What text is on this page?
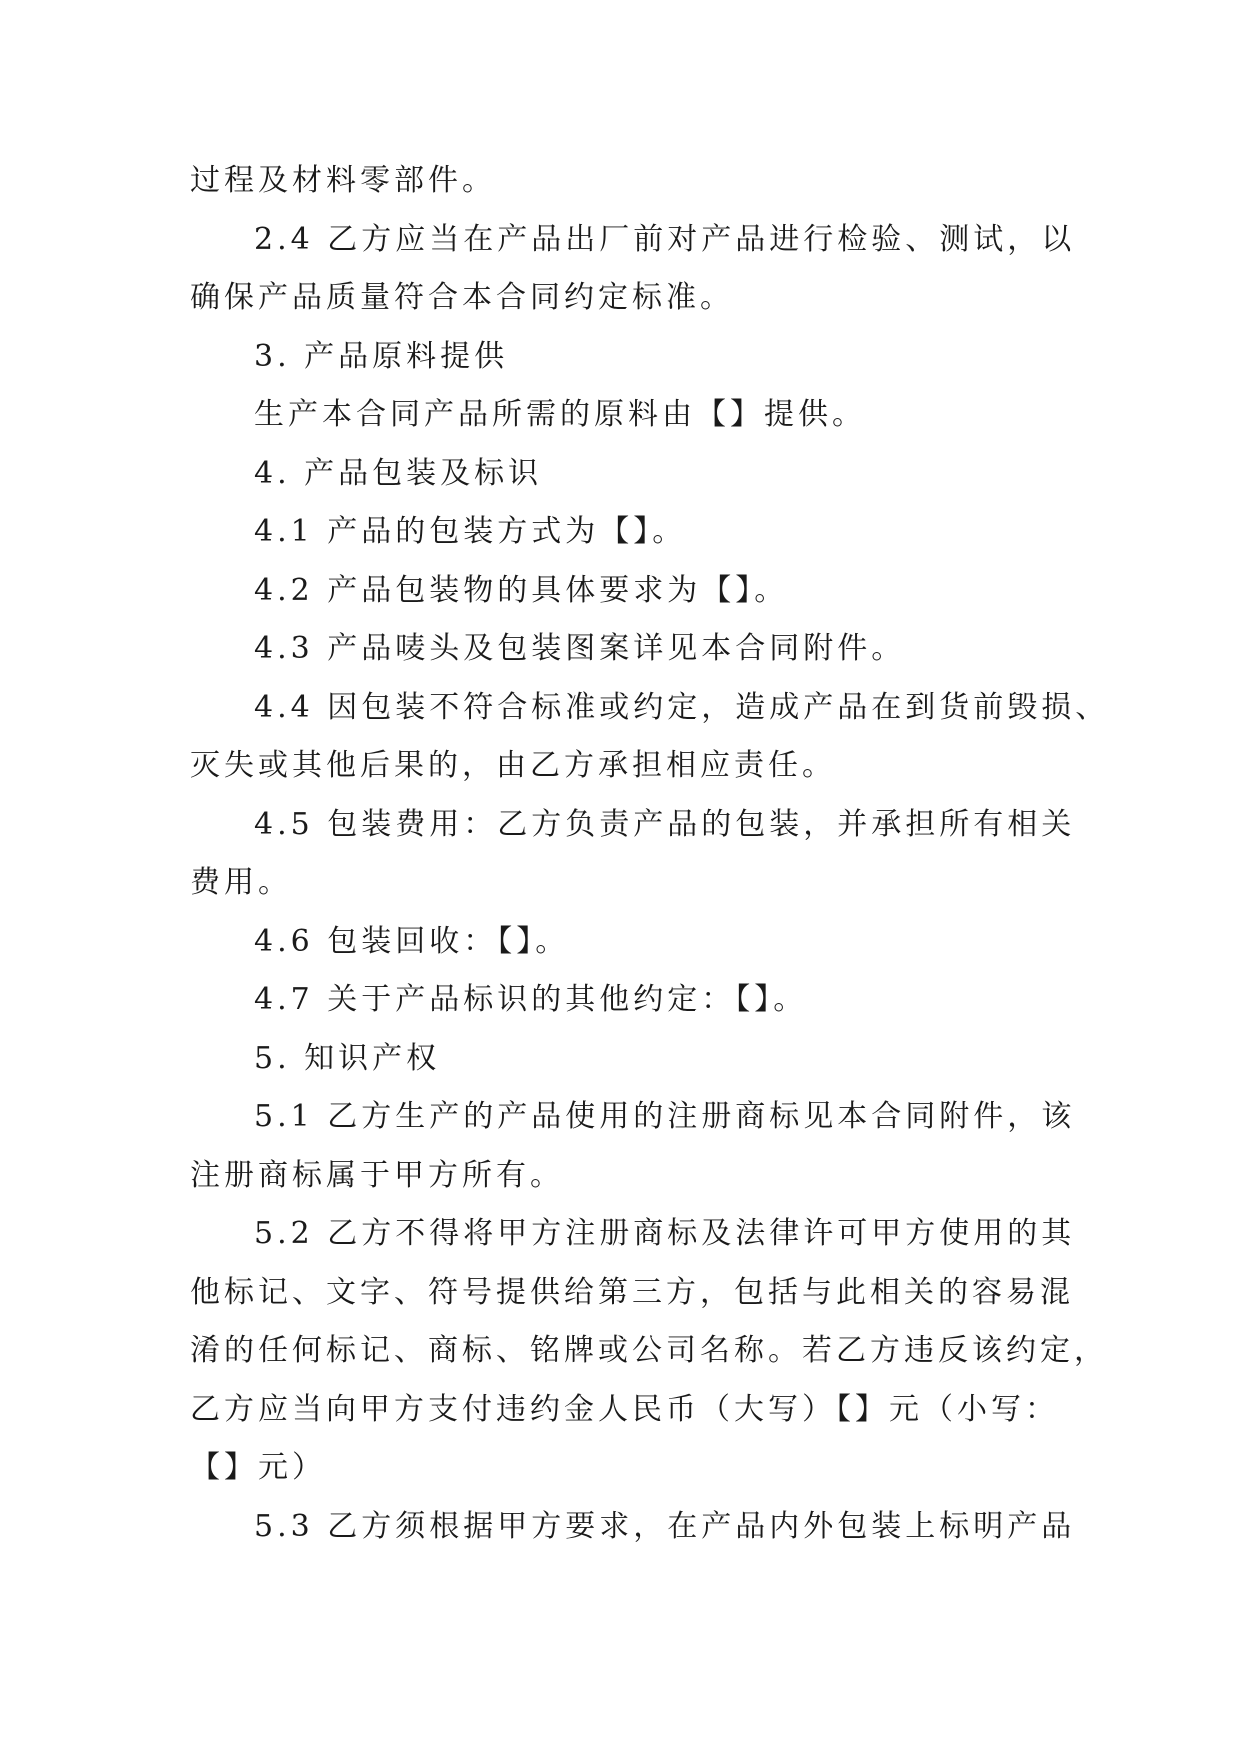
过程及材料零部件。

2.4 乙方应当在产品出厂前对产品进行检验、测试，以

确保产品质量符合本合同约定标准。

3. 产品原料提供

生产本合同产品所需的原料由【】提供。

4. 产品包装及标识

4.1 产品的包装方式为【】。

4.2 产品包装物的具体要求为【】。

4.3 产品唛头及包装图案详见本合同附件。

4.4 因包装不符合标准或约定，造成产品在到货前毁损、

灭失或其他后果的，由乙方承担相应责任。

4.5 包装费用：乙方负责产品的包装，并承担所有相关

费用。

4.6 包装回收：【】。

4.7 关于产品标识的其他约定：【】。

5. 知识产权

5.1 乙方生产的产品使用的注册商标见本合同附件，该

注册商标属于甲方所有。

5.2 乙方不得将甲方注册商标及法律许可甲方使用的其

他标记、文字、符号提供给第三方，包括与此相关的容易混

淆的任何标记、商标、铭牌或公司名称。若乙方违反该约定，

乙方应当向甲方支付违约金人民币（大写）【】元（小写：

【】元）

5.3 乙方须根据甲方要求，在产品内外包装上标明产品
